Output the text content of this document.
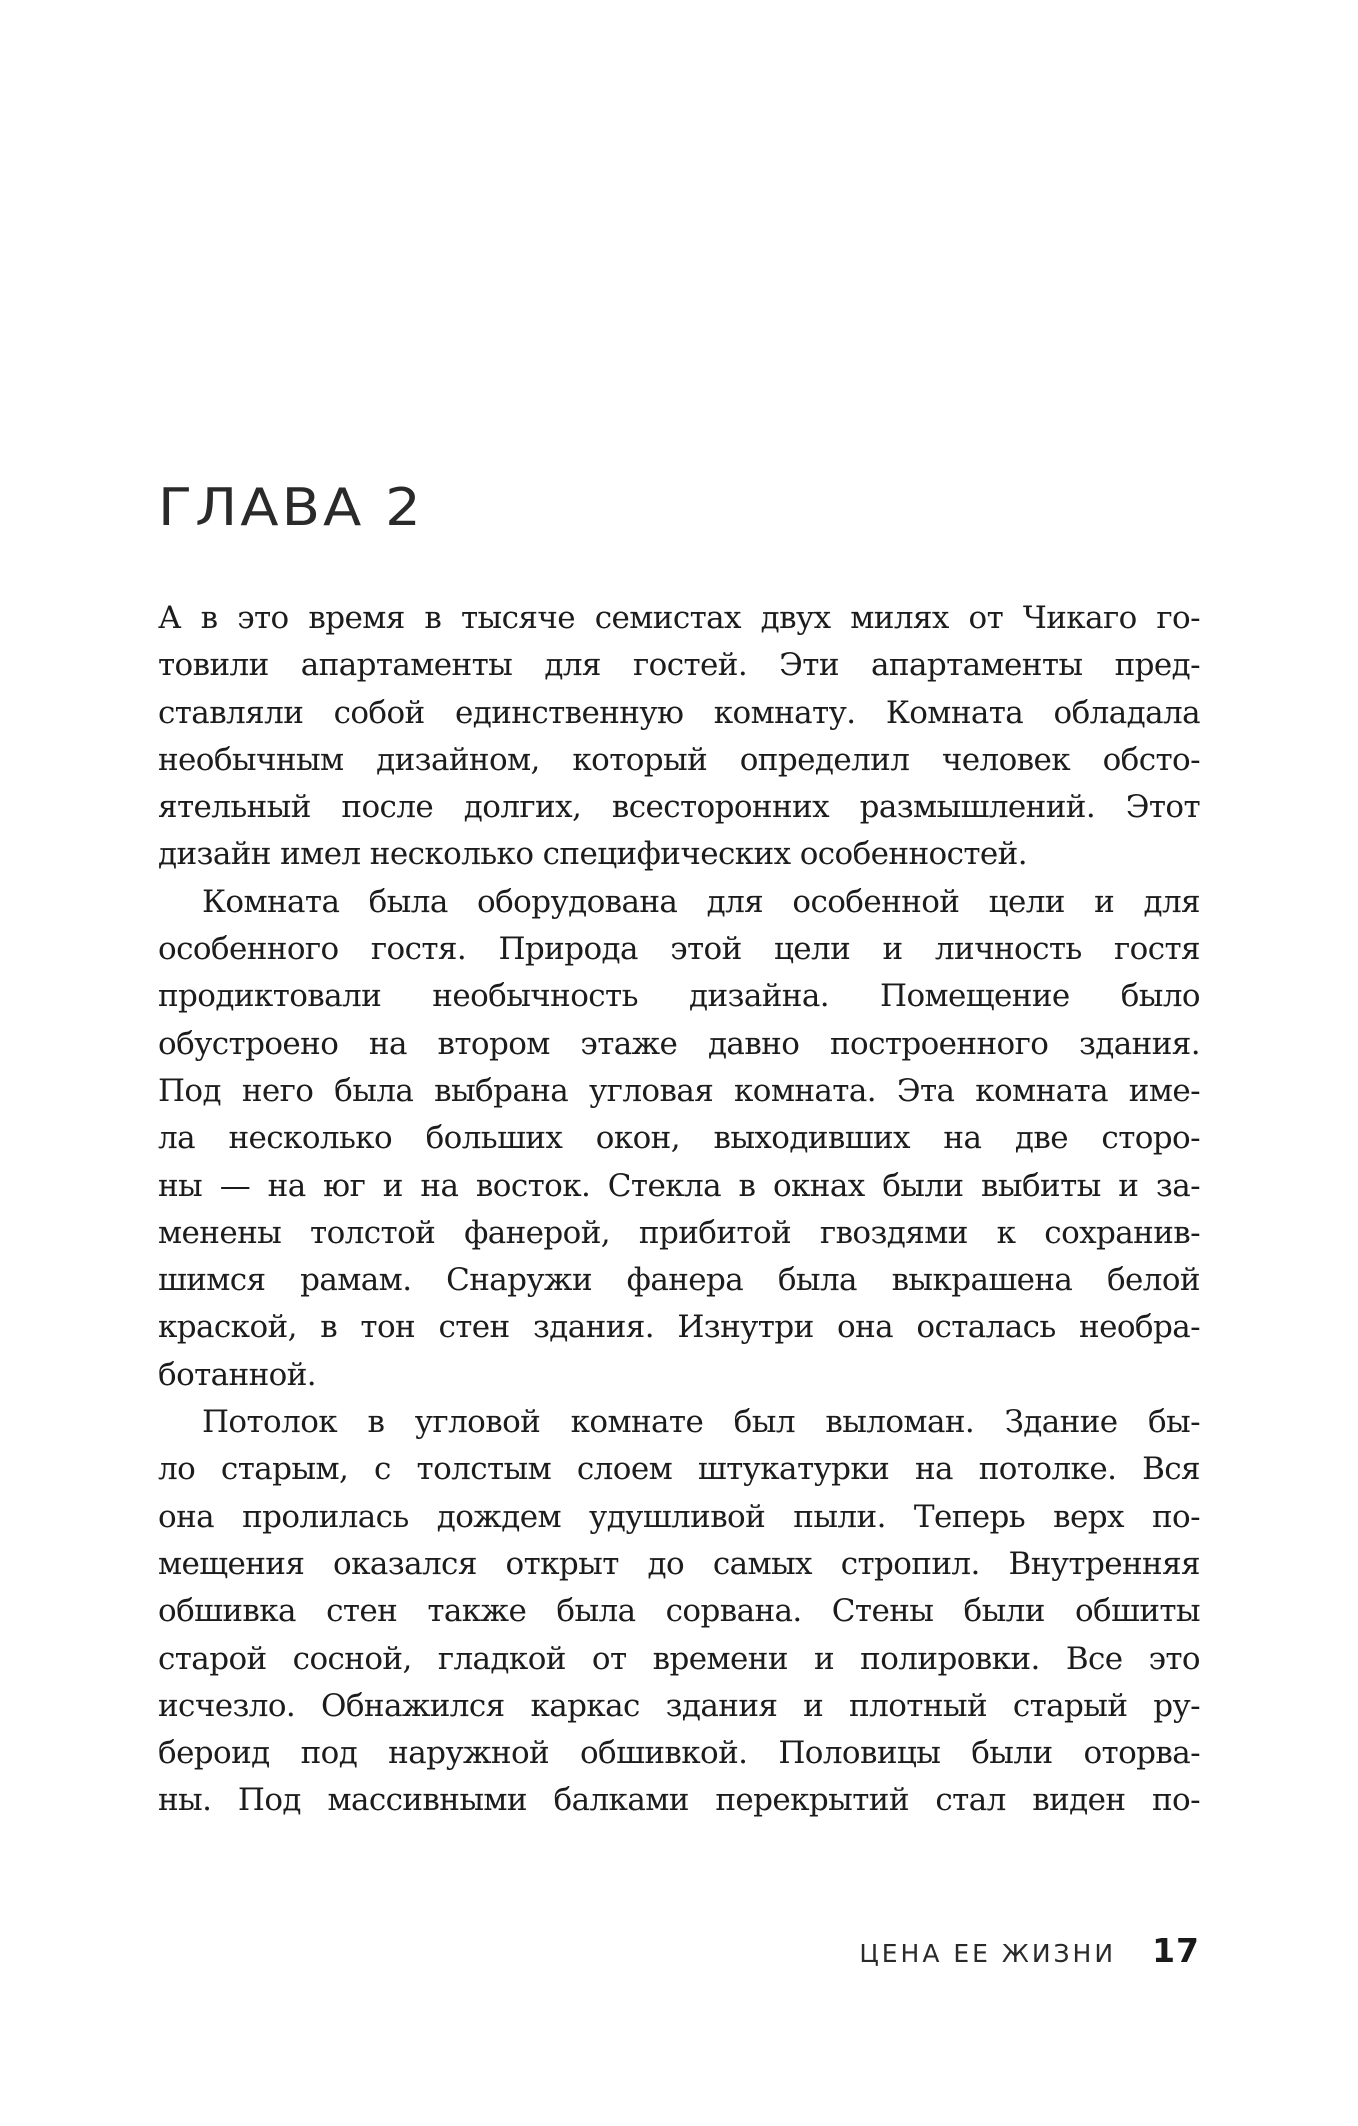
ГЛАВА 2
А в это время в тысяче семистах двух милях от Чикаго го-
товили апартаменты для гостей. Эти апартаменты пред-
ставляли собой единственную комнату. Комната обладала
необычным дизайном, который определил человек обсто-
ятельный после долгих, всесторонних размышлений. Этот
дизайн имел несколько специфических особенностей.
Комната была оборудована для особенной цели и для
особенного гостя. Природа этой цели и личность гостя
продиктовали необычность дизайна. Помещение было
обустроено на втором этаже давно построенного здания.
Под него была выбрана угловая комната. Эта комната име-
ла несколько больших окон, выходивших на две сторо-
ны — на юг и на восток. Стекла в окнах были выбиты и за-
менены толстой фанерой, прибитой гвоздями к сохранив-
шимся рамам. Снаружи фанера была выкрашена белой
краской, в тон стен здания. Изнутри она осталась необра-
ботанной.
Потолок в угловой комнате был выломан. Здание бы-
ло старым, с толстым слоем штукатурки на потолке. Вся
она пролилась дождем удушливой пыли. Теперь верх по-
мещения оказался открыт до самых стропил. Внутренняя
обшивка стен также была сорвана. Стены были обшиты
старой сосной, гладкой от времени и полировки. Все это
исчезло. Обнажился каркас здания и плотный старый ру-
бероид под наружной обшивкой. Половицы были оторва-
ны. Под массивными балками перекрытий стал виден по-
ЦЕНА ЕЕ ЖИЗНИ 17
